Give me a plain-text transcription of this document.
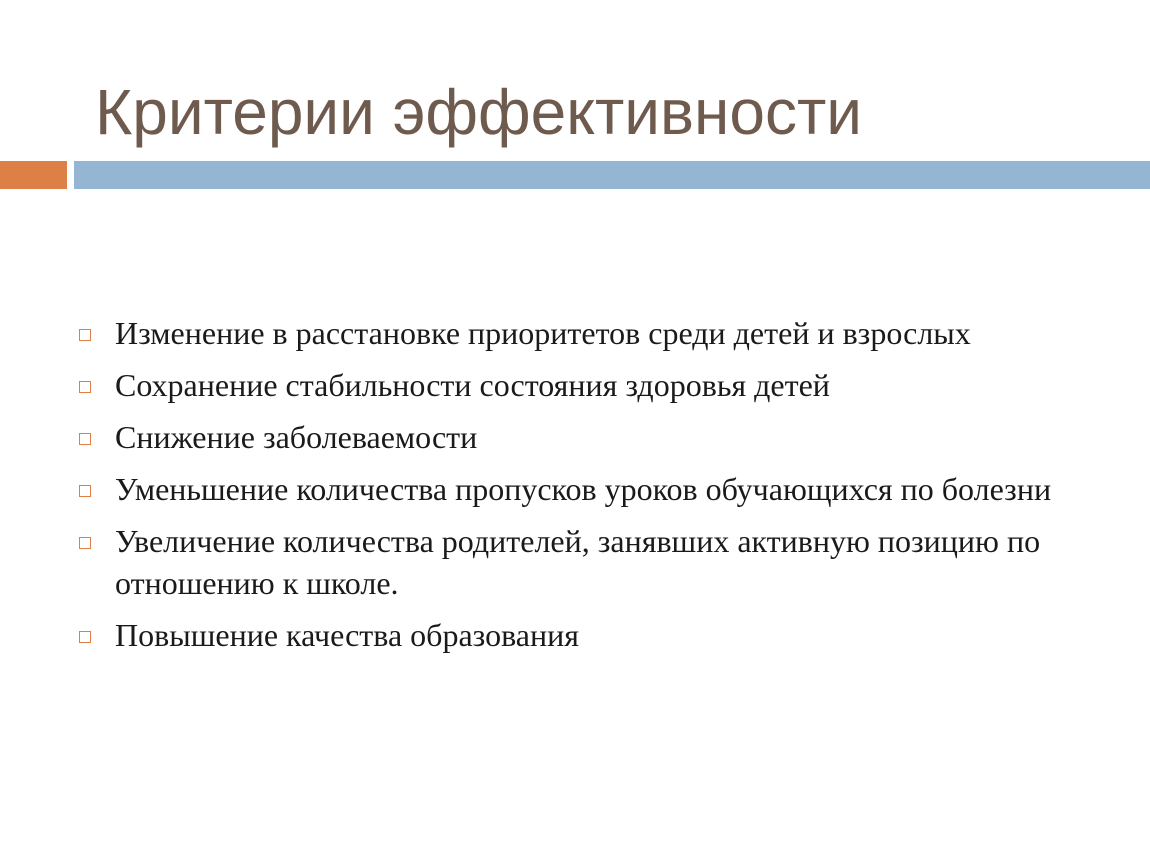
Критерии эффективности
Изменение в расстановке приоритетов среди детей и взрослых
Сохранение стабильности состояния здоровья детей
Снижение заболеваемости
Уменьшение количества пропусков уроков обучающихся по болезни
Увеличение количества родителей, занявших активную позицию по отношению к школе.
Повышение качества образования
